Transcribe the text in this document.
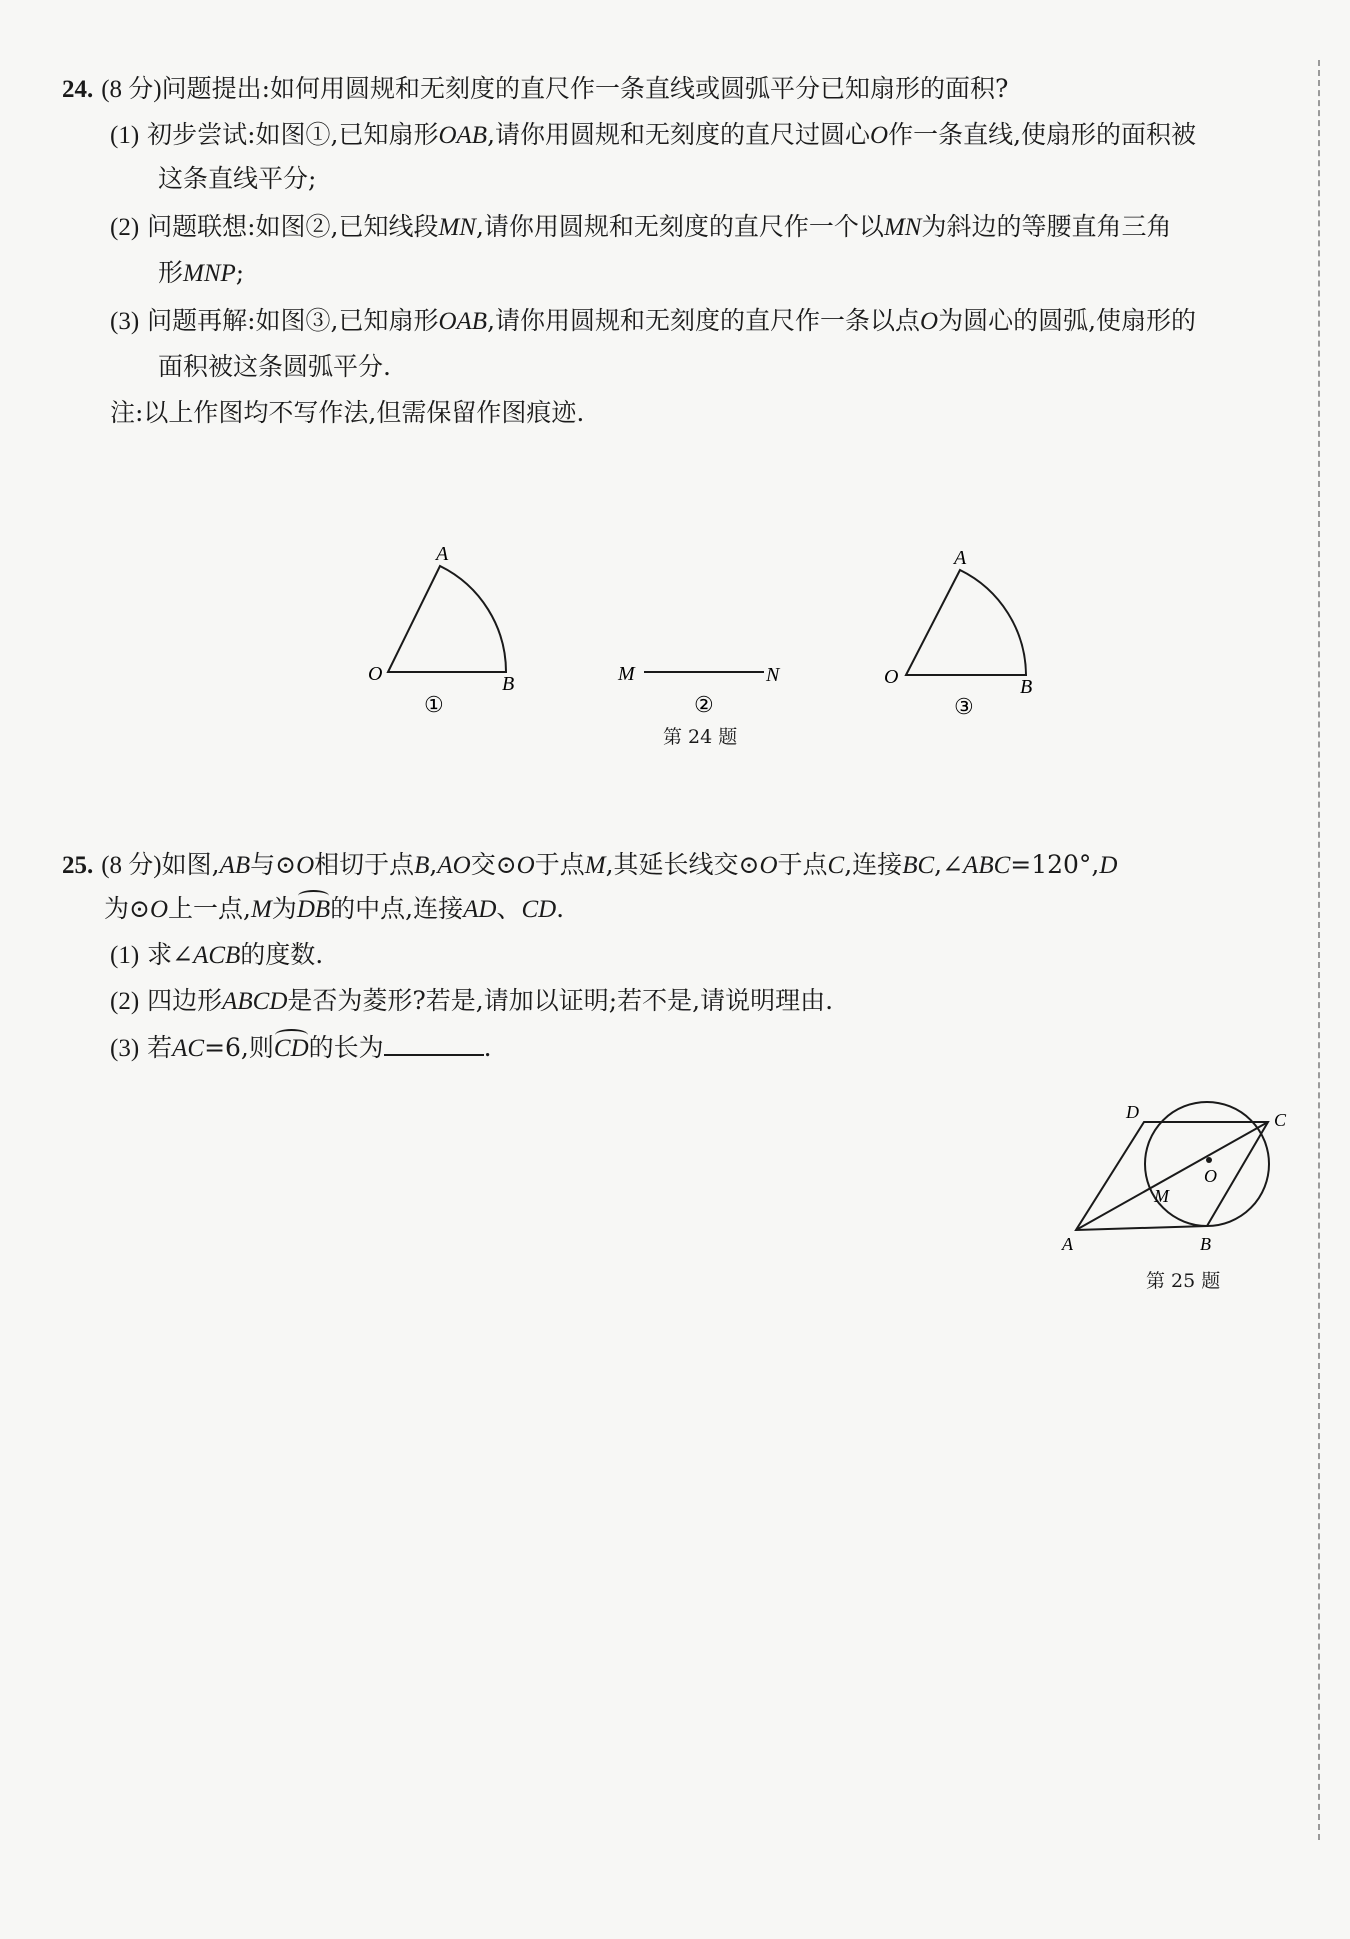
24. (8 分)问题提出:如何用圆规和无刻度的直尺作一条直线或圆弧平分已知扇形的面积?
(1) 初步尝试:如图①,已知扇形OAB,请你用圆规和无刻度的直尺过圆心O作一条直线,使扇形的面积被
这条直线平分;
(2) 问题联想:如图②,已知线段MN,请你用圆规和无刻度的直尺作一个以MN为斜边的等腰直角三角
形MNP;
(3) 问题再解:如图③,已知扇形OAB,请你用圆规和无刻度的直尺作一条以点O为圆心的圆弧,使扇形的
面积被这条圆弧平分.
注:以上作图均不写作法,但需保留作图痕迹.
A
O	B
①
M	N
②
A
O	B
③
第 24 题
25. (8 分)如图,AB与⊙O相切于点B,AO交⊙O于点M,其延长线交⊙O于点C,连接BC,∠ABC=120°,D
为⊙O上一点,M为DB的中点,连接AD、CD.
(1) 求∠ACB的度数.
(2) 四边形ABCD是否为菱形?若是,请加以证明;若不是,请说明理由.
(3) 若AC=6,则CD的长为	.
A	B
C
D
O
M
第 25 题
